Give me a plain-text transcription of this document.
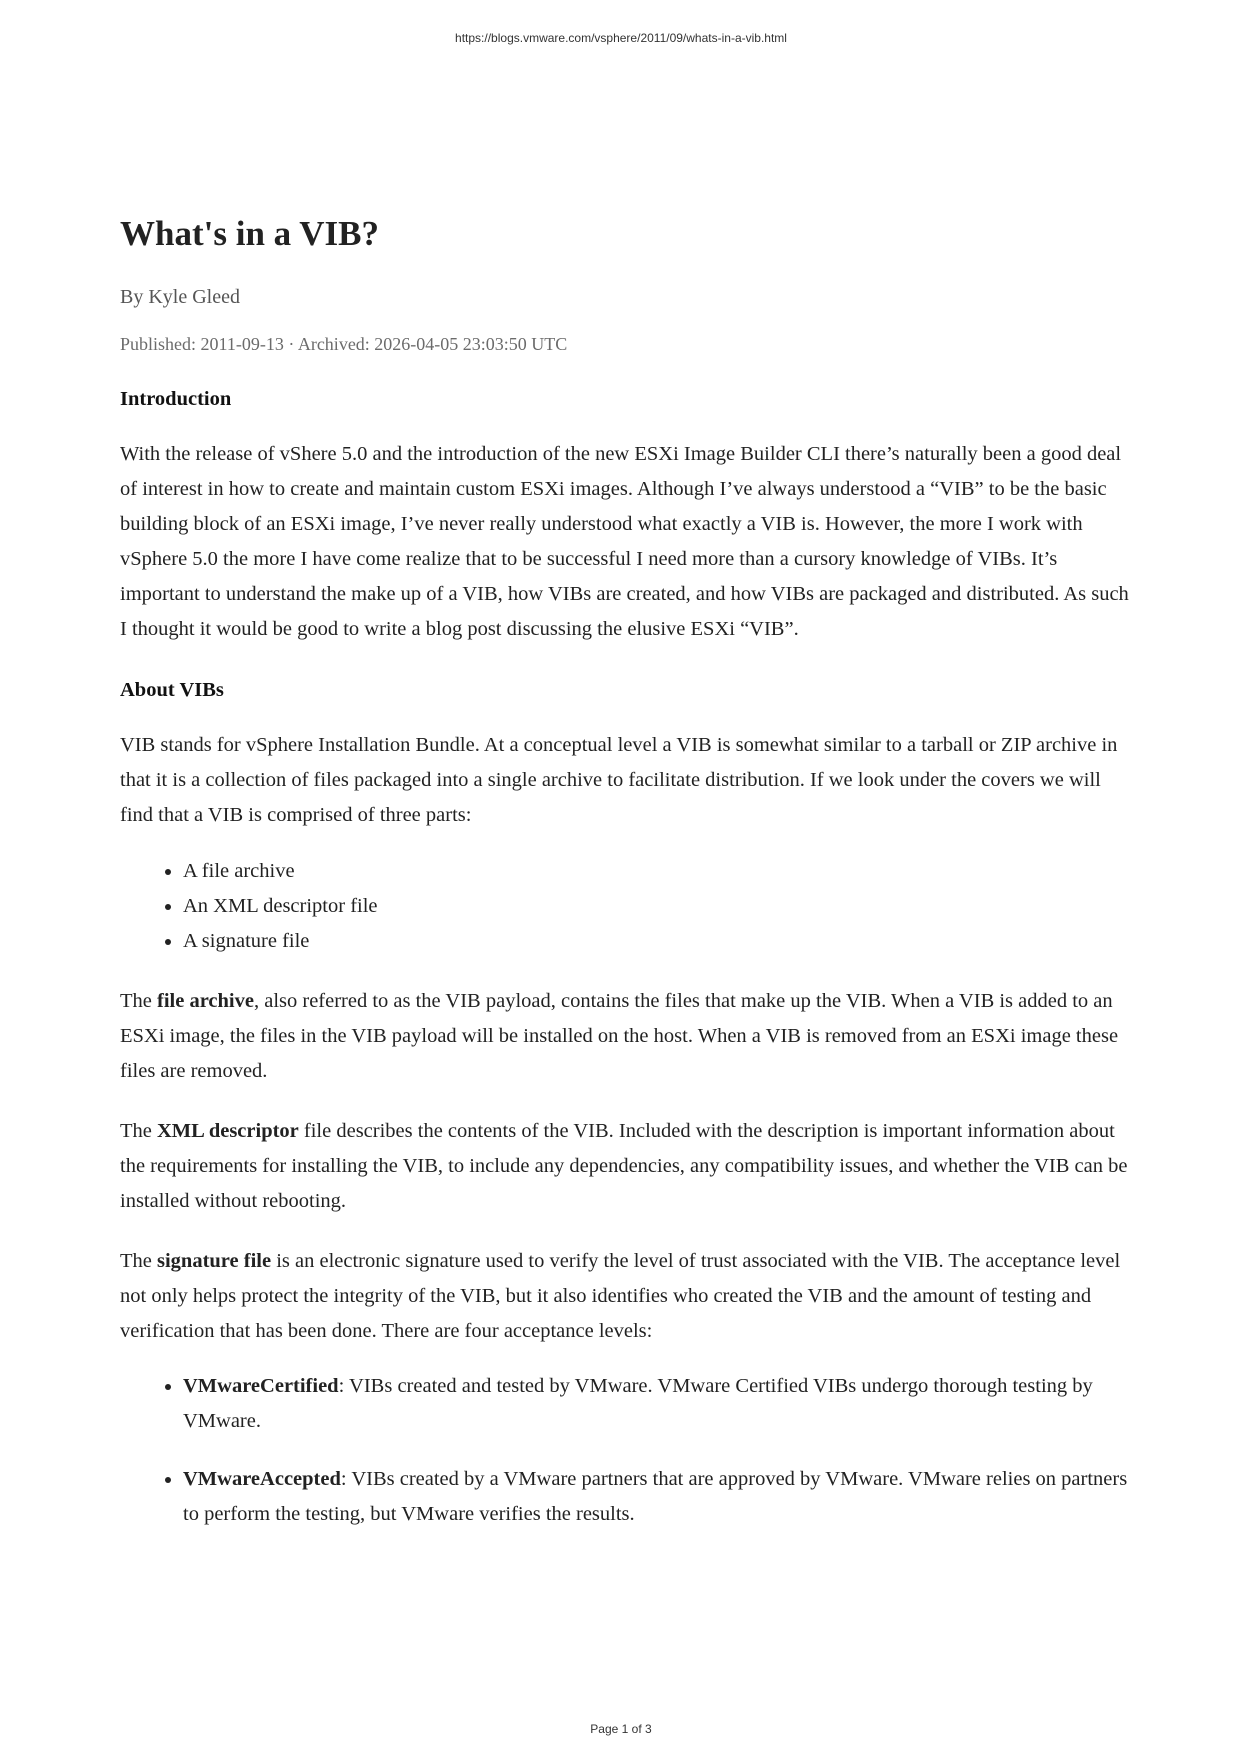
https://blogs.vmware.com/vsphere/2011/09/whats-in-a-vib.html
What's in a VIB?
By Kyle Gleed
Published: 2011-09-13 · Archived: 2026-04-05 23:03:50 UTC
Introduction

With the release of vShere 5.0 and the introduction of the new ESXi Image Builder CLI there’s naturally been a good deal of interest in how to create and maintain custom ESXi images. Although I’ve always understood a “VIB” to be the basic building block of an ESXi image, I’ve never really understood what exactly a VIB is. However, the more I work with vSphere 5.0 the more I have come realize that to be successful I need more than a cursory knowledge of VIBs. It’s important to understand the make up of a VIB, how VIBs are created, and how VIBs are packaged and distributed. As such I thought it would be good to write a blog post discussing the elusive ESXi “VIB”.

About VIBs

VIB stands for vSphere Installation Bundle. At a conceptual level a VIB is somewhat similar to a tarball or ZIP archive in that it is a collection of files packaged into a single archive to facilitate distribution. If we look under the covers we will find that a VIB is comprised of three parts:

• A file archive
• An XML descriptor file
• A signature file

The file archive, also referred to as the VIB payload, contains the files that make up the VIB. When a VIB is added to an ESXi image, the files in the VIB payload will be installed on the host. When a VIB is removed from an ESXi image these files are removed.

The XML descriptor file describes the contents of the VIB. Included with the description is important information about the requirements for installing the VIB, to include any dependencies, any compatibility issues, and whether the VIB can be installed without rebooting.

The signature file is an electronic signature used to verify the level of trust associated with the VIB. The acceptance level not only helps protect the integrity of the VIB, but it also identifies who created the VIB and the amount of testing and verification that has been done. There are four acceptance levels:

• VMwareCertified: VIBs created and tested by VMware. VMware Certified VIBs undergo thorough testing by VMware.
• VMwareAccepted: VIBs created by a VMware partners that are approved by VMware. VMware relies on partners to perform the testing, but VMware verifies the results.
Page 1 of 3
